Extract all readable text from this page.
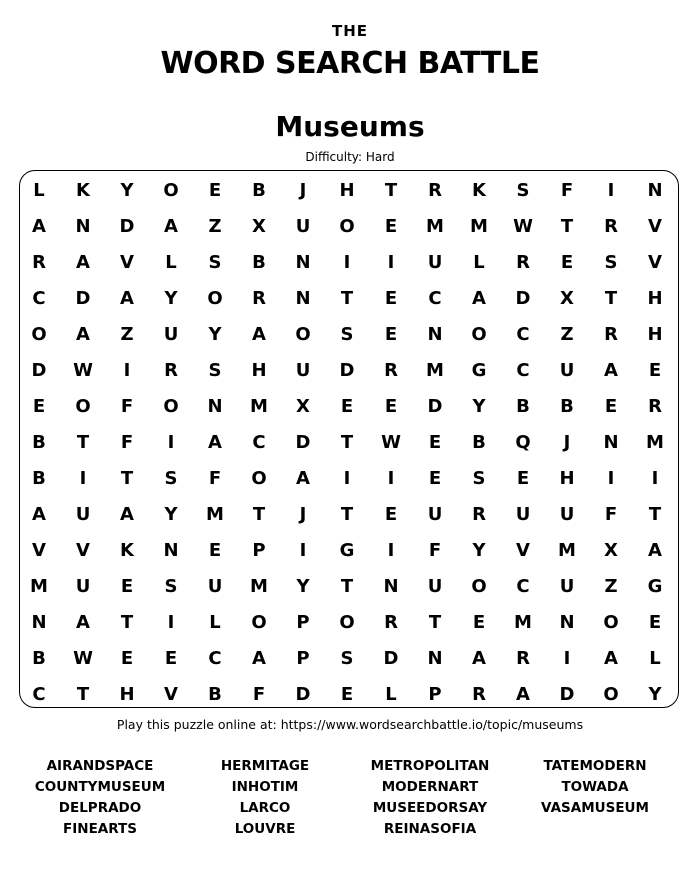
THE
WORD SEARCH BATTLE
Museums
Difficulty: Hard
L	K	Y	O	E	B	J	H	T	R	K	S	F	I	N
A	N	D	A	Z	X	U	O	E	M	M	W	T	R	V
R	A	V	L	S	B	N	I	I	U	L	R	E	S	V
C	D	A	Y	O	R	N	T	E	C	A	D	X	T	H
O	A	Z	U	Y	A	O	S	E	N	O	C	Z	R	H
D	W	I	R	S	H	U	D	R	M	G	C	U	A	E
E	O	F	O	N	M	X	E	E	D	Y	B	B	E	R
B	T	F	I	A	C	D	T	W	E	B	Q	J	N	M
B	I	T	S	F	O	A	I	I	E	S	E	H	I	I
A	U	A	Y	M	T	J	T	E	U	R	U	U	F	T
V	V	K	N	E	P	I	G	I	F	Y	V	M	X	A
M	U	E	S	U	M	Y	T	N	U	O	C	U	Z	G
N	A	T	I	L	O	P	O	R	T	E	M	N	O	E
B	W	E	E	C	A	P	S	D	N	A	R	I	A	L
C	T	H	V	B	F	D	E	L	P	R	A	D	O	Y
Play this puzzle online at: https://www.wordsearchbattle.io/topic/museums
AIRANDSPACE
COUNTYMUSEUM
DELPRADO
FINEARTS
HERMITAGE
INHOTIM
LARCO
LOUVRE
METROPOLITAN
MODERNART
MUSEEDORSAY
REINASOFIA
TATEMODERN
TOWADA
VASAMUSEUM
